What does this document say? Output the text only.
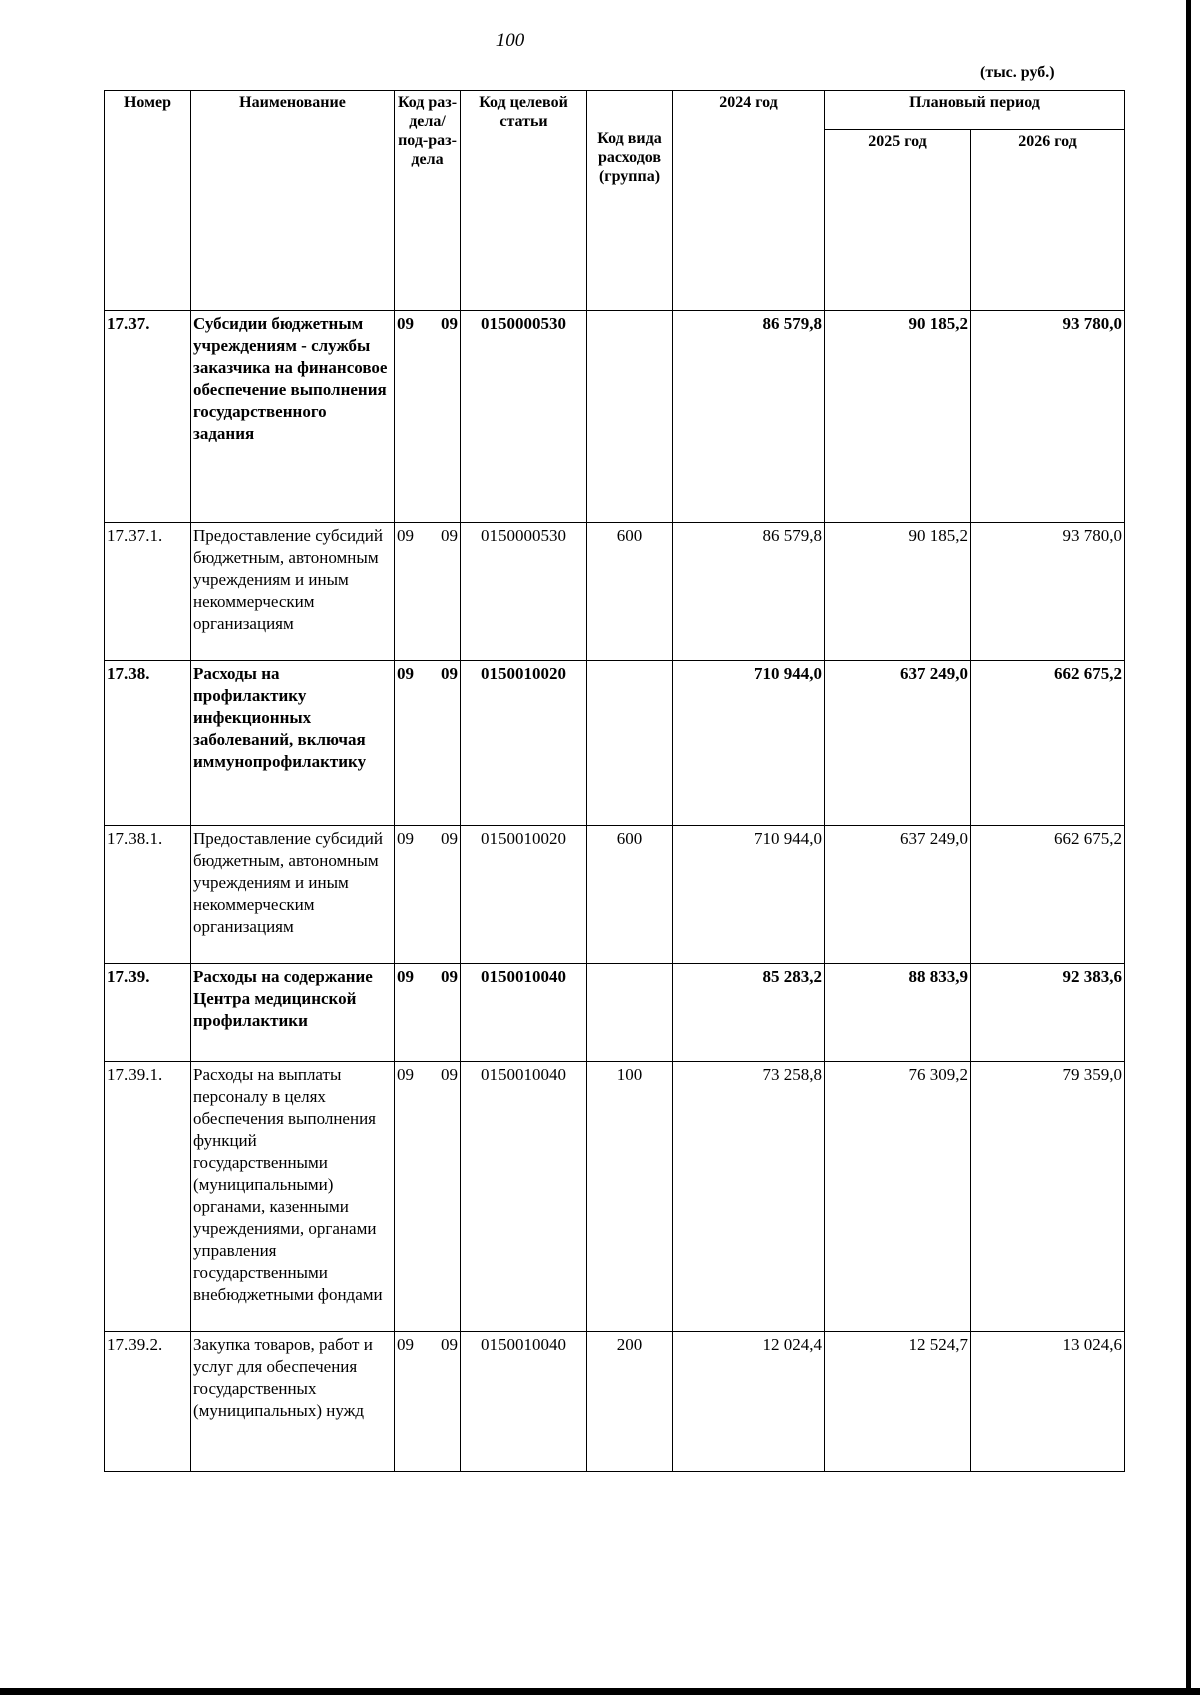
100
(тыс. руб.)
Номер	Наименование	Код раз-дела/ под-раз-дела	Код целевой статьи	Код вида расходов (группа)	2024 год	Плановый период	
						2025 год	2026 год
17.37.	Субсидии бюджетным учреждениям - службы заказчика на финансовое обеспечение выполнения государственного задания	09 09	0150000530		86 579,8	90 185,2	93 780,0
17.37.1.	Предоставление субсидий бюджетным, автономным учреждениям и иным некоммерческим организациям	09 09	0150000530	600	86 579,8	90 185,2	93 780,0
17.38.	Расходы на профилактику инфекционных заболеваний, включая иммунопрофилактику	09 09	0150010020		710 944,0	637 249,0	662 675,2
17.38.1.	Предоставление субсидий бюджетным, автономным учреждениям и иным некоммерческим организациям	09 09	0150010020	600	710 944,0	637 249,0	662 675,2
17.39.	Расходы на содержание Центра медицинской профилактики	09 09	0150010040		85 283,2	88 833,9	92 383,6
17.39.1.	Расходы на выплаты персоналу в целях обеспечения выполнения функций государственными (муниципальными) органами, казенными учреждениями, органами управления государственными внебюджетными фондами	09 09	0150010040	100	73 258,8	76 309,2	79 359,0
17.39.2.	Закупка товаров, работ и услуг для обеспечения государственных (муниципальных) нужд	09 09	0150010040	200	12 024,4	12 524,7	13 024,6
